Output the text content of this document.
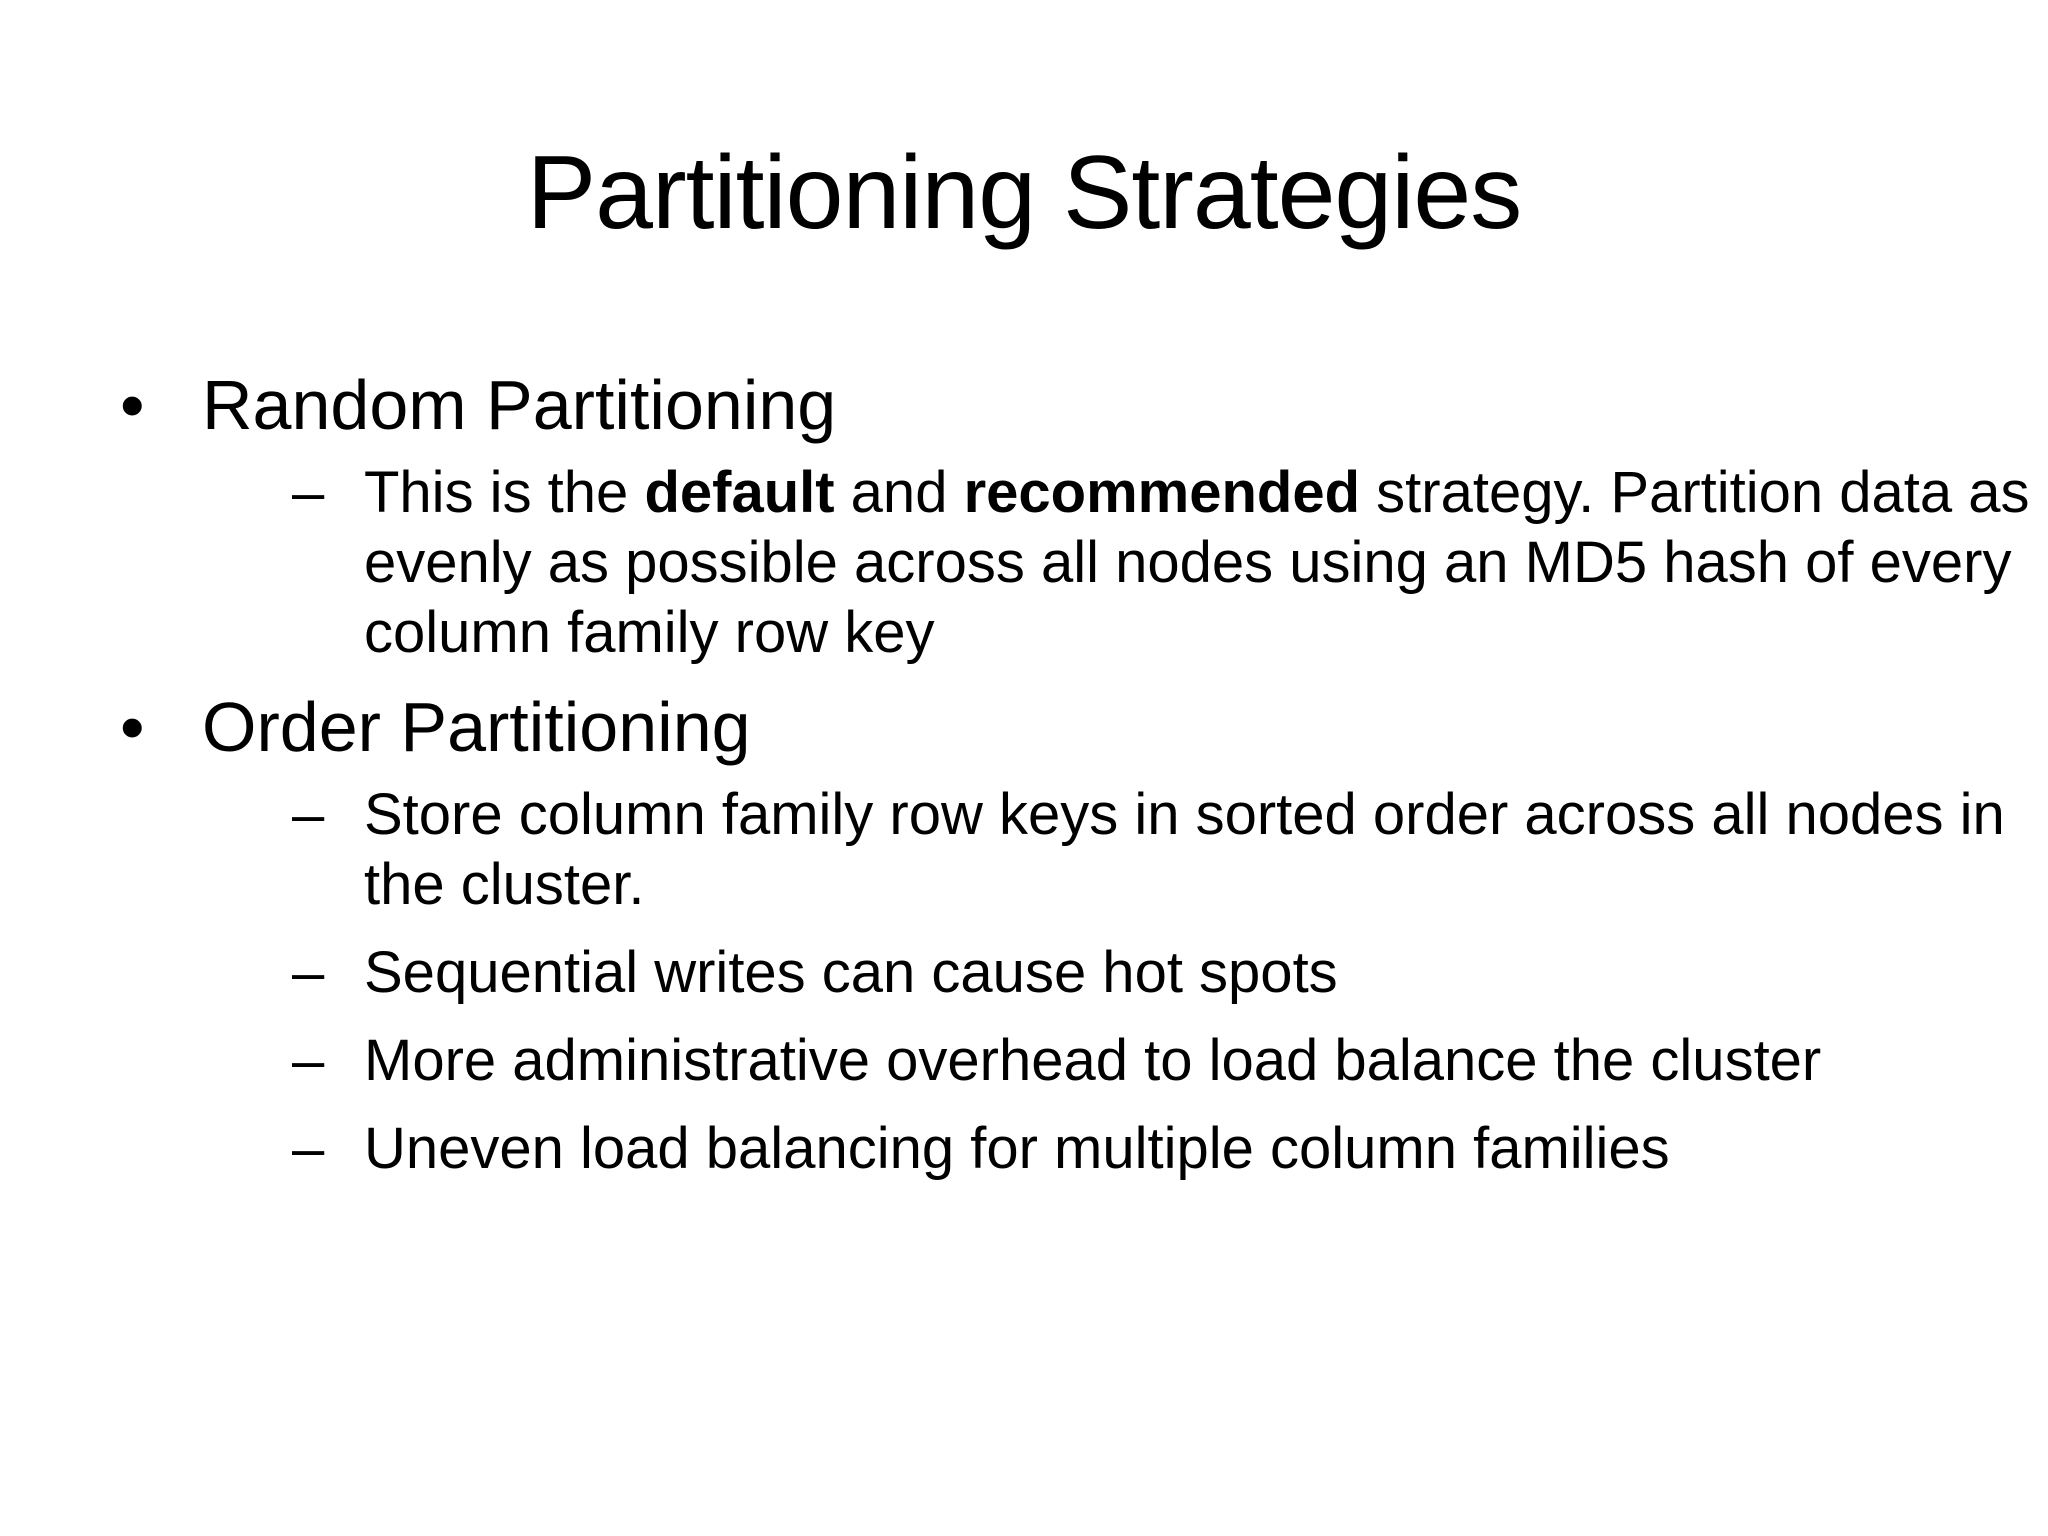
Partitioning Strategies
• Random Partitioning
– This is the default and recommended strategy. Partition data as evenly as possible across all nodes using an MD5 hash of every column family row key
• Order Partitioning
– Store column family row keys in sorted order across all nodes in the cluster.
– Sequential writes can cause hot spots
– More administrative overhead to load balance the cluster
– Uneven load balancing for multiple column families
